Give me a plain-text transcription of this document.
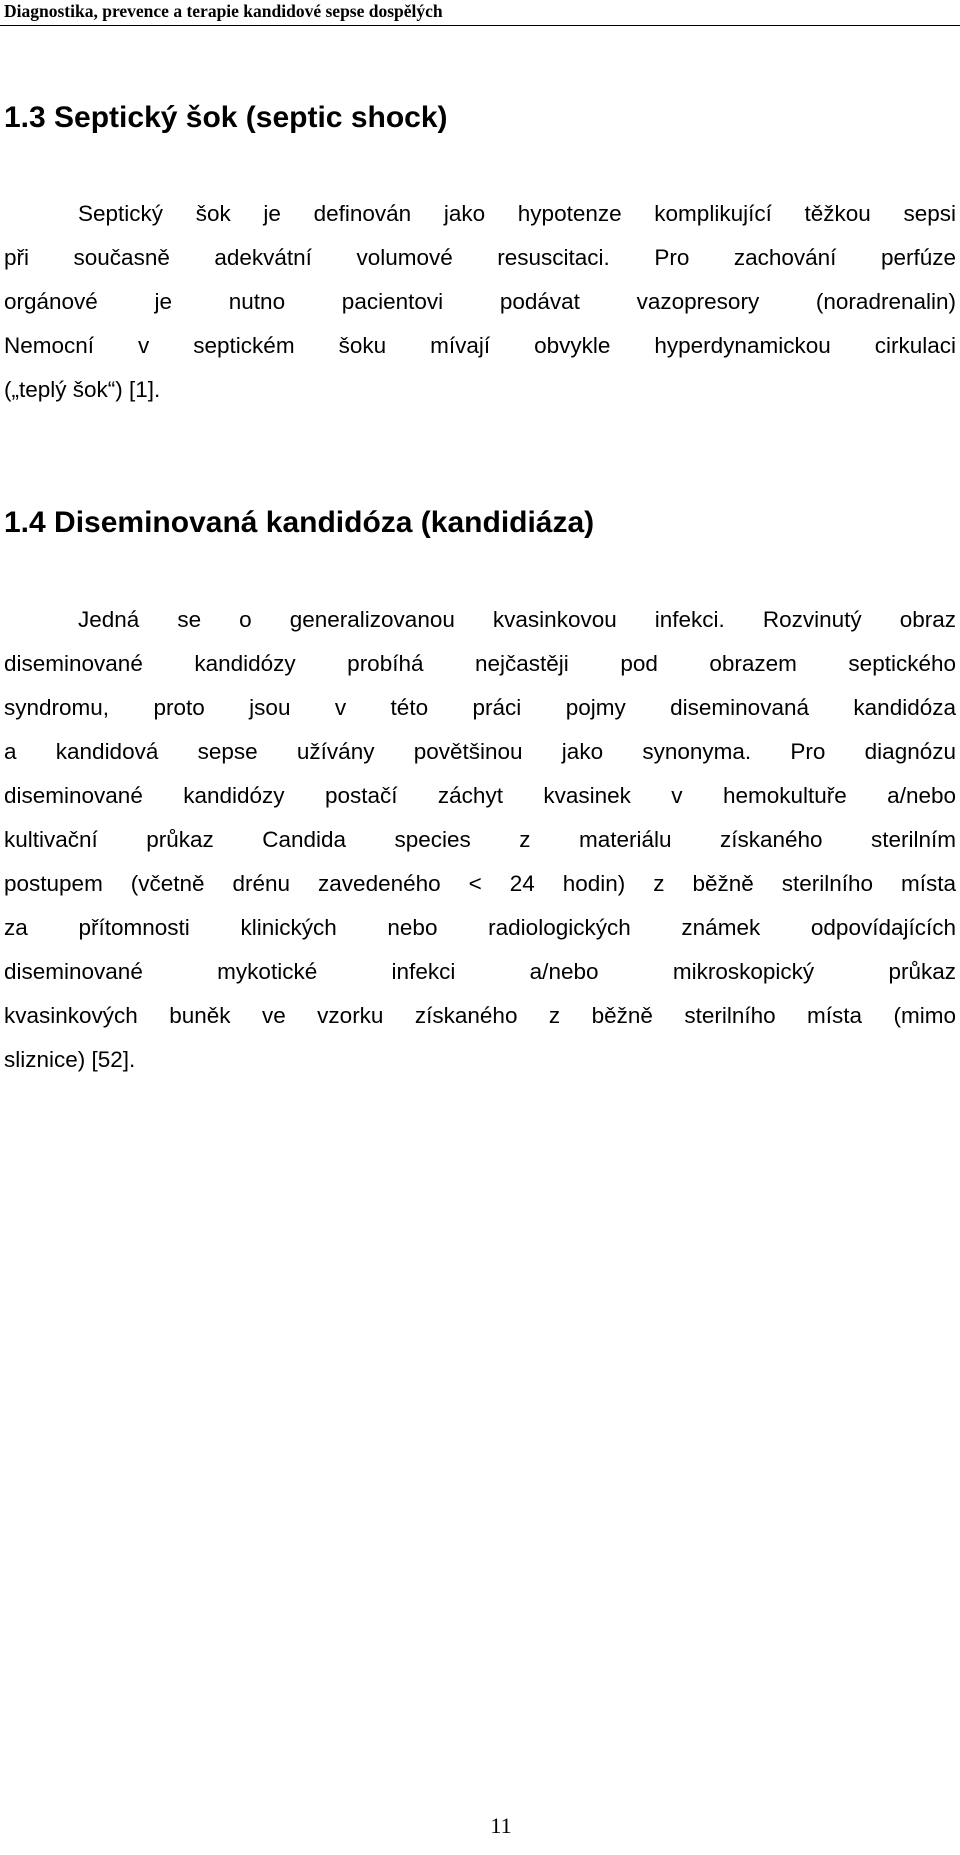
Diagnostika, prevence a terapie kandidové sepse dospělých
1.3 Septický šok (septic shock)
Septický šok je definován jako hypotenze komplikující těžkou sepsi
při současně adekvátní volumové resuscitaci. Pro zachování perfúze
orgánové je nutno pacientovi podávat vazopresory (noradrenalin)
Nemocní v septickém šoku mívají obvykle hyperdynamickou cirkulaci
(„teplý šok“) [1].
1.4 Diseminovaná kandidóza (kandidiáza)
Jedná se o generalizovanou kvasinkovou infekci. Rozvinutý obraz
diseminované kandidózy probíhá nejčastěji pod obrazem septického
syndromu, proto jsou v této práci pojmy diseminovaná kandidóza
a kandidová sepse užívány povětšinou jako synonyma. Pro diagnózu
diseminované kandidózy postačí záchyt kvasinek v hemokultuře a/nebo
kultivační průkaz Candida species z materiálu získaného sterilním
postupem (včetně drénu zavedeného < 24 hodin) z běžně sterilního místa
za přítomnosti klinických nebo radiologických známek odpovídajících
diseminované mykotické infekci a/nebo mikroskopický průkaz
kvasinkových buněk ve vzorku získaného z běžně sterilního místa (mimo
sliznice) [52].
11
